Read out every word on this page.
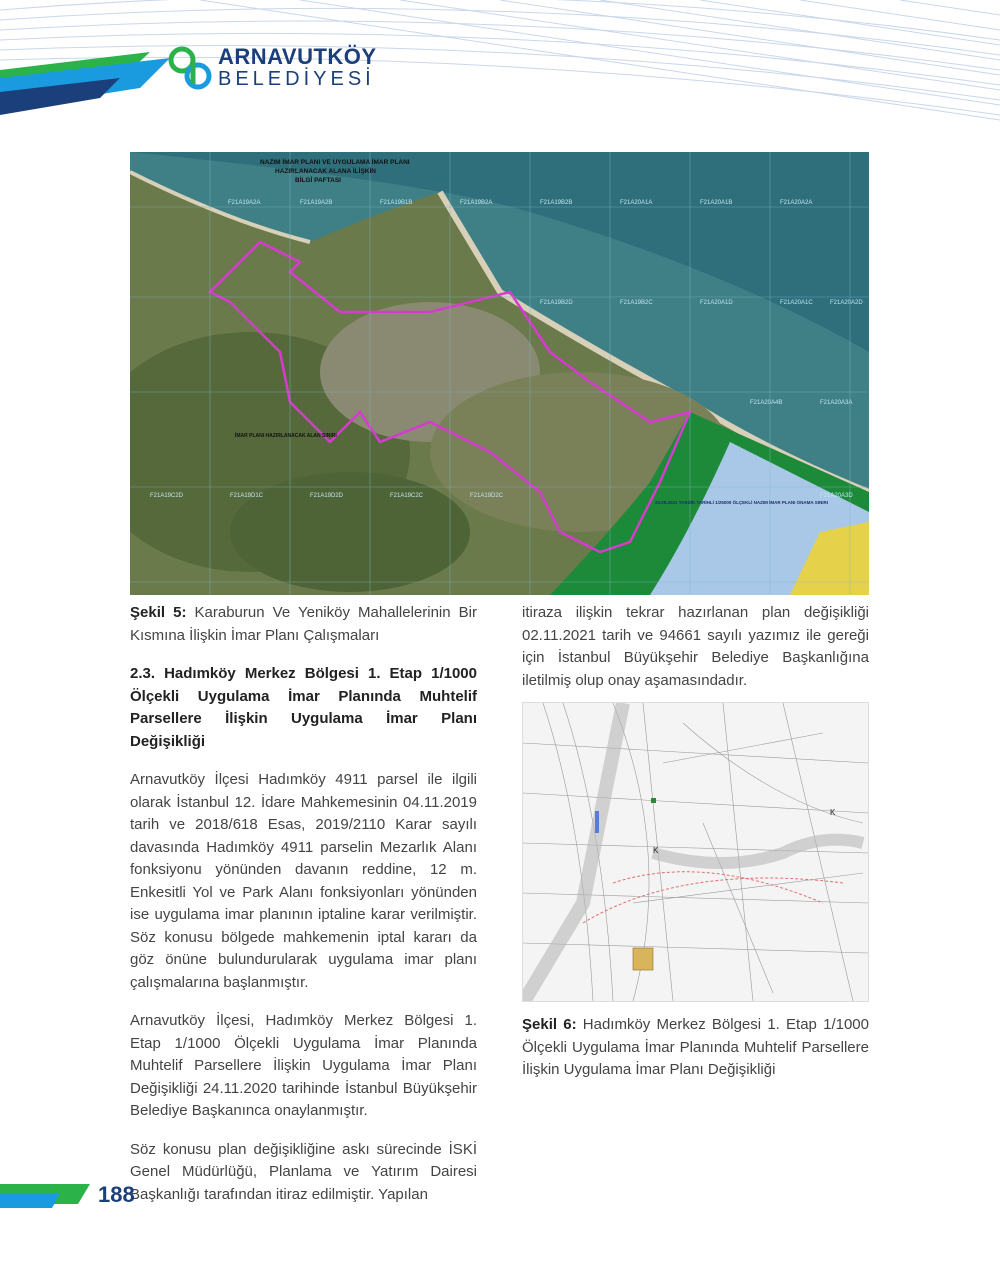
ARNAVUTKÖY
BELEDİYESİ
NAZIM İMAR PLANI VE UYGULAMA İMAR PLANI HAZIRLANACAK ALANA İLİŞKİN BİLGİ PAFTASI
F21A19A2A	F21A19A2B	F21A19B1B	F21A19B2A	F21A19B2B	F21A20A1A	F21A20A1B	F21A20A2A
F21A19B2D	F21A19B2C	F21A20A1D	F21A20A1C	F21A20A2D
F21A20A4B	F21A20A3A
F21A19C2D	F21A19D1C	F21A19D2D	F21A19C2C	F21A19D2C	F21A20A3D
İMAR PLANI HAZIRLANACAK ALAN SINIRI
23.05.2021 TASDİK TARİHLİ 1/25000 ÖLÇEKLİ NAZIM İMAR PLANI ONAMA SINIRI
K
K

Şekil 5: Karaburun Ve Yeniköy Mahallelerinin Bir Kısmına İlişkin İmar Planı Çalışmaları

2.3. Hadımköy Merkez Bölgesi 1. Etap 1/1000 Ölçekli Uygulama İmar Planında Muhtelif Parsellere İlişkin Uygulama İmar Planı Değişikliği

Arnavutköy İlçesi Hadımköy 4911 parsel ile ilgili olarak İstanbul 12. İdare Mahkemesinin 04.11.2019 tarih ve 2018/618 Esas, 2019/2110 Karar sayılı davasında Hadımköy 4911 parselin Mezarlık Alanı fonksiyonu yönünden davanın reddine, 12 m. Enkesitli Yol ve Park Alanı fonksiyonları yönünden ise uygulama imar planının iptaline karar verilmiştir. Söz konusu bölgede mahkemenin iptal kararı da göz önüne bulundurularak uygulama imar planı çalışmalarına başlanmıştır.

Arnavutköy İlçesi, Hadımköy Merkez Bölgesi 1. Etap 1/1000 Ölçekli Uygulama İmar Planında Muhtelif Parsellere İlişkin Uygulama İmar Planı Değişikliği 24.11.2020 tarihinde İstanbul Büyükşehir Belediye Başkanınca onaylanmıştır.

Söz konusu plan değişikliğine askı sürecinde İSKİ Genel Müdürlüğü, Planlama ve Yatırım Dairesi Başkanlığı tarafından itiraz edilmiştir. Yapılan

itiraza ilişkin tekrar hazırlanan plan değişikliği 02.11.2021 tarih ve 94661 sayılı yazımız ile gereği için İstanbul Büyükşehir Belediye Başkanlığına iletilmiş olup onay aşamasındadır.

Şekil 6: Hadımköy Merkez Bölgesi 1. Etap 1/1000 Ölçekli Uygulama İmar Planında Muhtelif Parsellere İlişkin Uygulama İmar Planı Değişikliği

188
